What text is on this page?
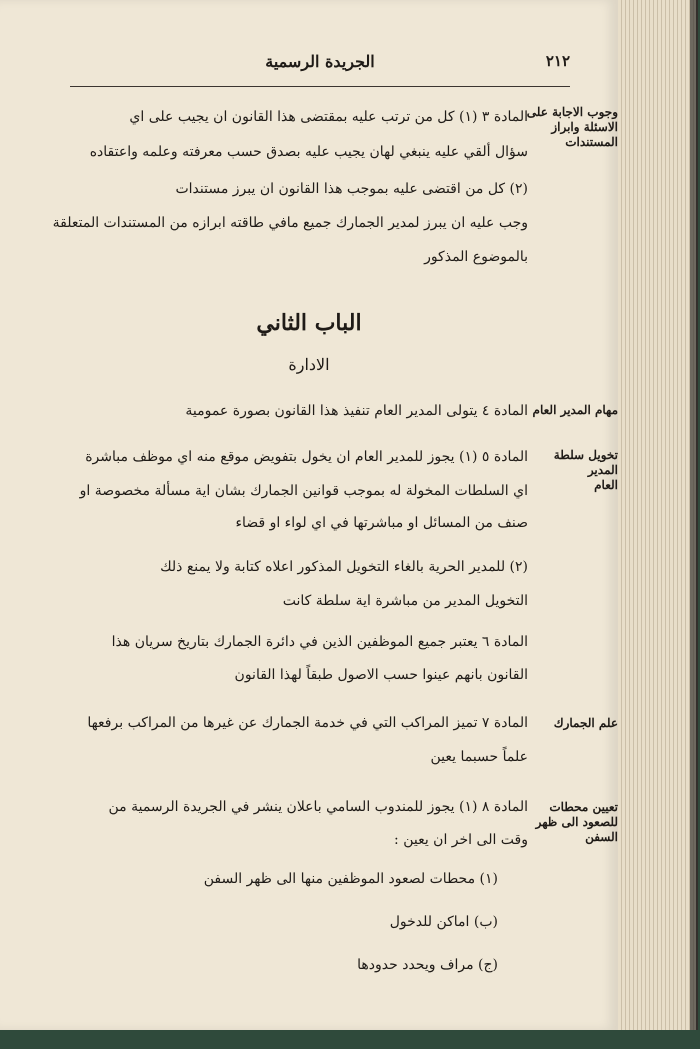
الجريدة الرسمية	٢١٢
وجوب الاجابة على
الاسئلة وابراز
المستندات
المادة ٣ (١) كل من ترتب عليه بمقتضى هذا القانون ان يجيب على اي
سؤال ألقي عليه ينبغي لهان يجيب عليه بصدق حسب معرفته وعلمه واعتقاده
(٢) كل من اقتضى عليه بموجب هذا القانون ان يبرز مستندات
وجب عليه ان يبرز لمدير الجمارك جميع مافي طاقته ابرازه من المستندات المتعلقة
بالموضوع المذكور
الباب الثاني
الادارة
مهام المدير العام
المادة ٤ يتولى المدير العام تنفيذ هذا القانون بصورة عمومية
تخويل سلطة المدير
العام
المادة ٥ (١) يجوز للمدير العام ان يخول بتفويض موقع منه اي موظف مباشرة
اي السلطات المخولة له بموجب قوانين الجمارك بشان اية مسألة مخصوصة او
صنف من المسائل او مباشرتها في اي لواء او قضاء
(٢) للمدير الحرية بالغاء التخويل المذكور اعلاه كتابة ولا يمنع ذلك
التخويل المدير من مباشرة اية سلطة كانت
المادة ٦ يعتبر جميع الموظفين الذين في دائرة الجمارك بتاريخ سريان هذا
القانون بانهم عينوا حسب الاصول طبقاً لهذا القانون
علم الجمارك
المادة ٧ تميز المراكب التي في خدمة الجمارك عن غيرها من المراكب برفعها
علماً حسبما يعين
تعيين محطات
للصعود الى ظهر
السفن
المادة ٨ (١) يجوز للمندوب السامي باعلان ينشر في الجريدة الرسمية من
وقت الى اخر ان يعين :
(١) محطات لصعود الموظفين منها الى ظهر السفن
(ب) اماكن للدخول
(ج) مراف ويحدد حدودها
